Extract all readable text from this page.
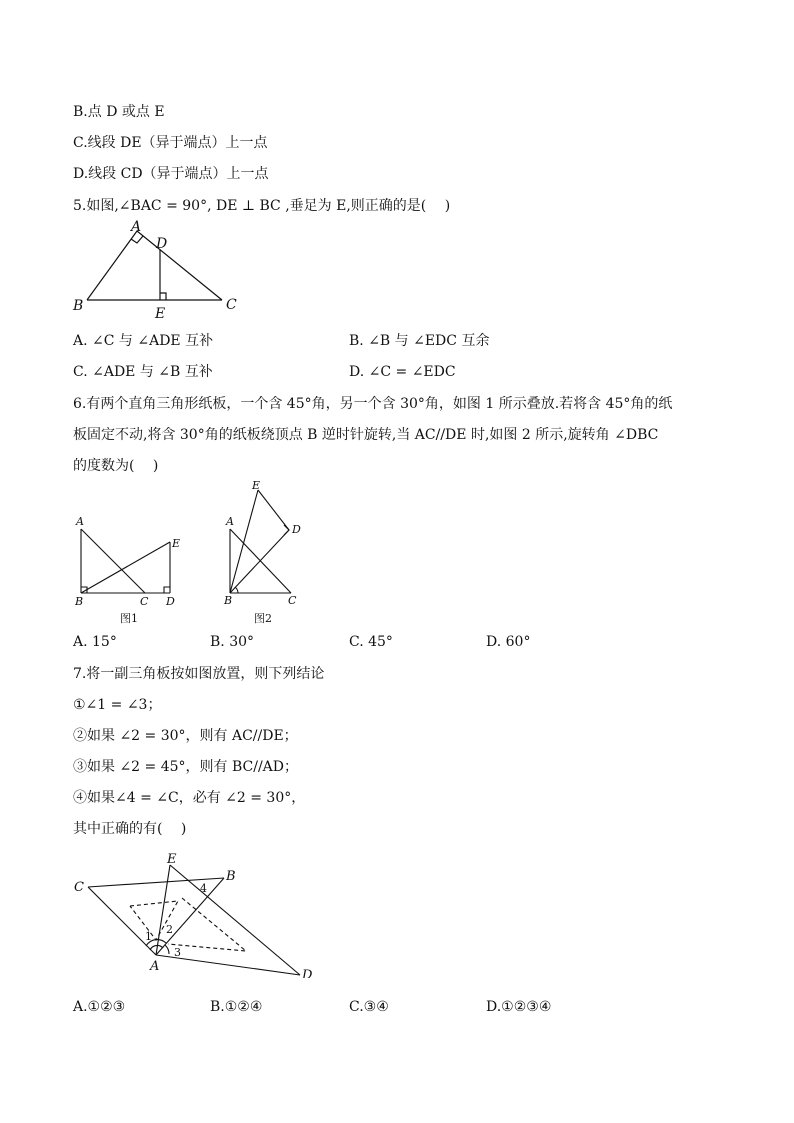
B.点 D 或点 E
C.线段 DE（异于端点）上一点
D.线段 CD（异于端点）上一点
5.如图,∠BAC = 90°, DE ⊥ BC ,垂足为 E,则正确的是(　 )
A
B	C
D
E
A. ∠C 与 ∠ADE 互补	B. ∠B 与 ∠EDC 互余
C. ∠ADE 与 ∠B 互补	D. ∠C = ∠EDC
6.有两个直角三角形纸板，一个含 45°角，另一个含 30°角，如图 1 所示叠放.若将含 45°角的纸
板固定不动,将含 30°角的纸板绕顶点 B 逆时针旋转,当 AC//DE 时,如图 2 所示,旋转角 ∠DBC
的度数为(　 )
A
B	C D
E
图1
A
B	C
D
E
图2
A. 15°	B. 30°	C. 45°	D. 60°
7.将一副三角板按如图放置，则下列结论
①∠1 = ∠3；
②如果 ∠2 = 30°，则有 AC//DE；
③如果 ∠2 = 45°，则有 BC//AD；
④如果∠4 = ∠C，必有 ∠2 = 30°，
其中正确的有(　 )
C
B
A
D
E
1
2
3
4
A.①②③	B.①②④	C.③④	D.①②③④
